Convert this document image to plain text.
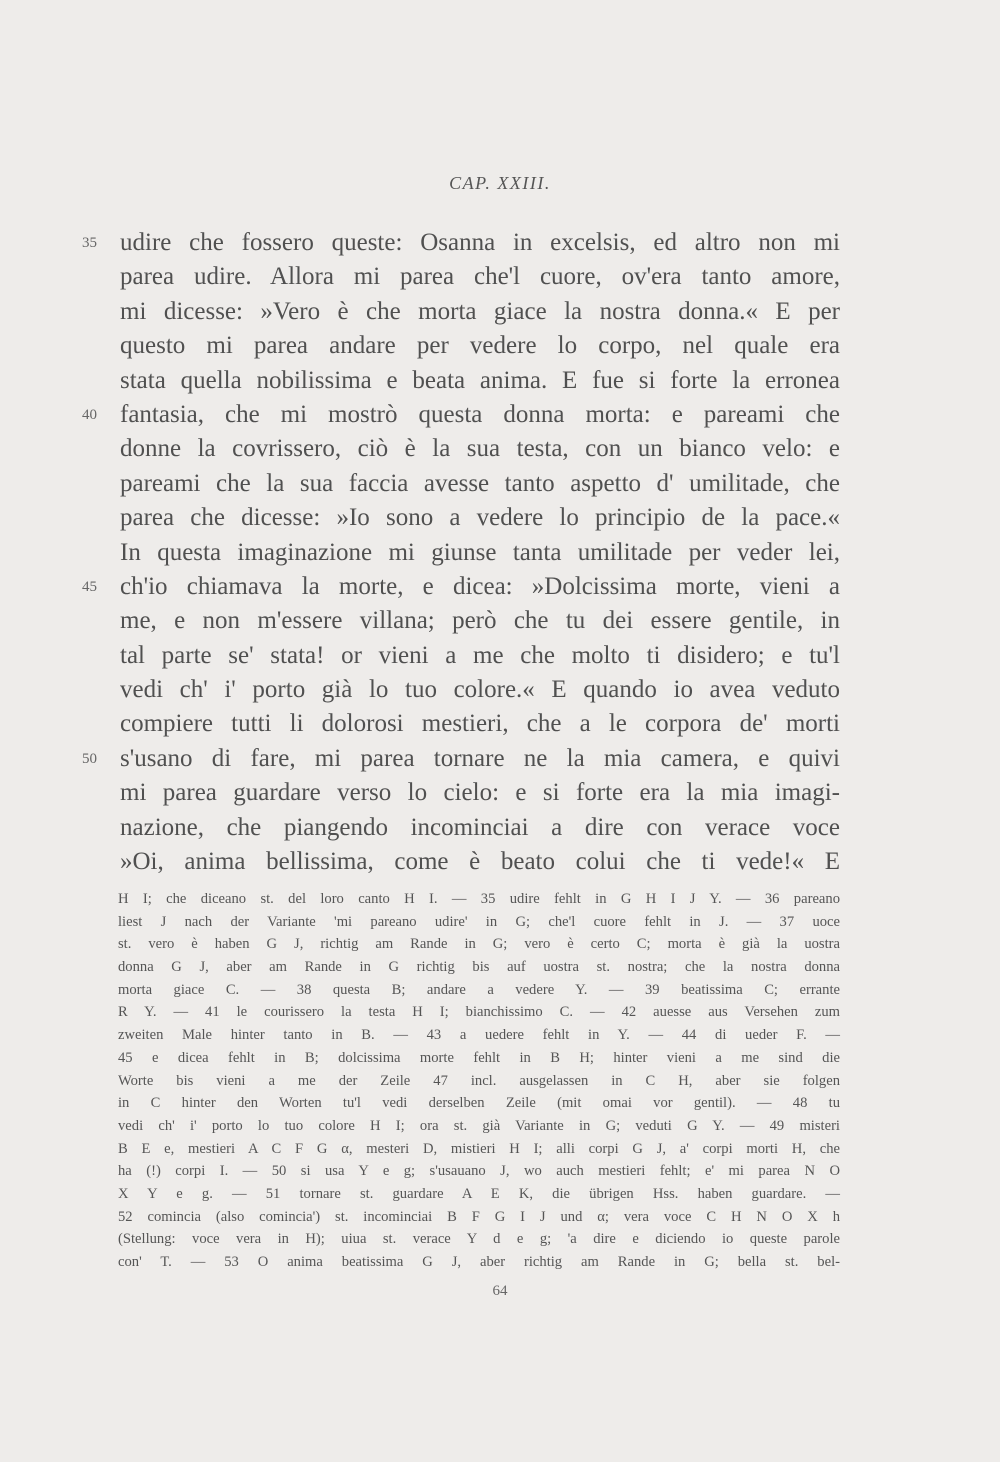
CAP. XXIII.
udire che fossero queste: Osanna in excelsis, ed altro non mi
35
parea udire. Allora mi parea che'l cuore, ov'era tanto amore,
mi dicesse: »Vero è che morta giace la nostra donna.« E per
questo mi parea andare per vedere lo corpo, nel quale era
stata quella nobilissima e beata anima. E fue si forte la erronea
fantasia, che mi mostrò questa donna morta: e pareami che
40
donne la covrissero, ciò è la sua testa, con un bianco velo: e
pareami che la sua faccia avesse tanto aspetto d' umilitade, che
parea che dicesse: »Io sono a vedere lo principio de la pace.«
In questa imaginazione mi giunse tanta umilitade per veder lei,
ch'io chiamava la morte, e dicea: »Dolcissima morte, vieni a
45
me, e non m'essere villana; però che tu dei essere gentile, in
tal parte se' stata! or vieni a me che molto ti disidero; e tu'l
vedi ch' i' porto già lo tuo colore.« E quando io avea veduto
compiere tutti li dolorosi mestieri, che a le corpora de' morti
s'usano di fare, mi parea tornare ne la mia camera, e quivi
50
mi parea guardare verso lo cielo: e si forte era la mia imagi-
nazione, che piangendo incominciai a dire con verace voce
»Oi, anima bellissima, come è beato colui che ti vede!« E
H I; che diceano st. del loro canto H I. — 35 udire fehlt in G H I J Y. — 36 pareano
liest J nach der Variante 'mi pareano udire' in G; che'l cuore fehlt in J. — 37 uoce
st. vero è haben G J, richtig am Rande in G; vero è certo C; morta è già la uostra
donna G J, aber am Rande in G richtig bis auf uostra st. nostra; che la nostra donna
morta giace C. — 38 questa B; andare a vedere Y. — 39 beatissima C; errante
R Y. — 41 le courissero la testa H I; bianchissimo C. — 42 auesse aus Versehen zum
zweiten Male hinter tanto in B. — 43 a uedere fehlt in Y. — 44 di ueder F. —
45 e dicea fehlt in B; dolcissima morte fehlt in B H; hinter vieni a me sind die
Worte bis vieni a me der Zeile 47 incl. ausgelassen in C H, aber sie folgen
in C hinter den Worten tu'l vedi derselben Zeile (mit omai vor gentil). — 48 tu
vedi ch' i' porto lo tuo colore H I; ora st. già Variante in G; veduti G Y. — 49 misteri
B E e, mestieri A C F G α, mesteri D, mistieri H I; alli corpi G J, a' corpi morti H, che
ha (!) corpi I. — 50 si usa Y e g; s'usauano J, wo auch mestieri fehlt; e' mi parea N O
X Y e g. — 51 tornare st. guardare A E K, die übrigen Hss. haben guardare. —
52 comincia (also comincia') st. incominciai B F G I J und α; vera voce C H N O X h
(Stellung: voce vera in H); uiua st. verace Y d e g; 'a dire e diciendo io queste parole
con' T. — 53 O anima beatissima G J, aber richtig am Rande in G; bella st. bel-
64
